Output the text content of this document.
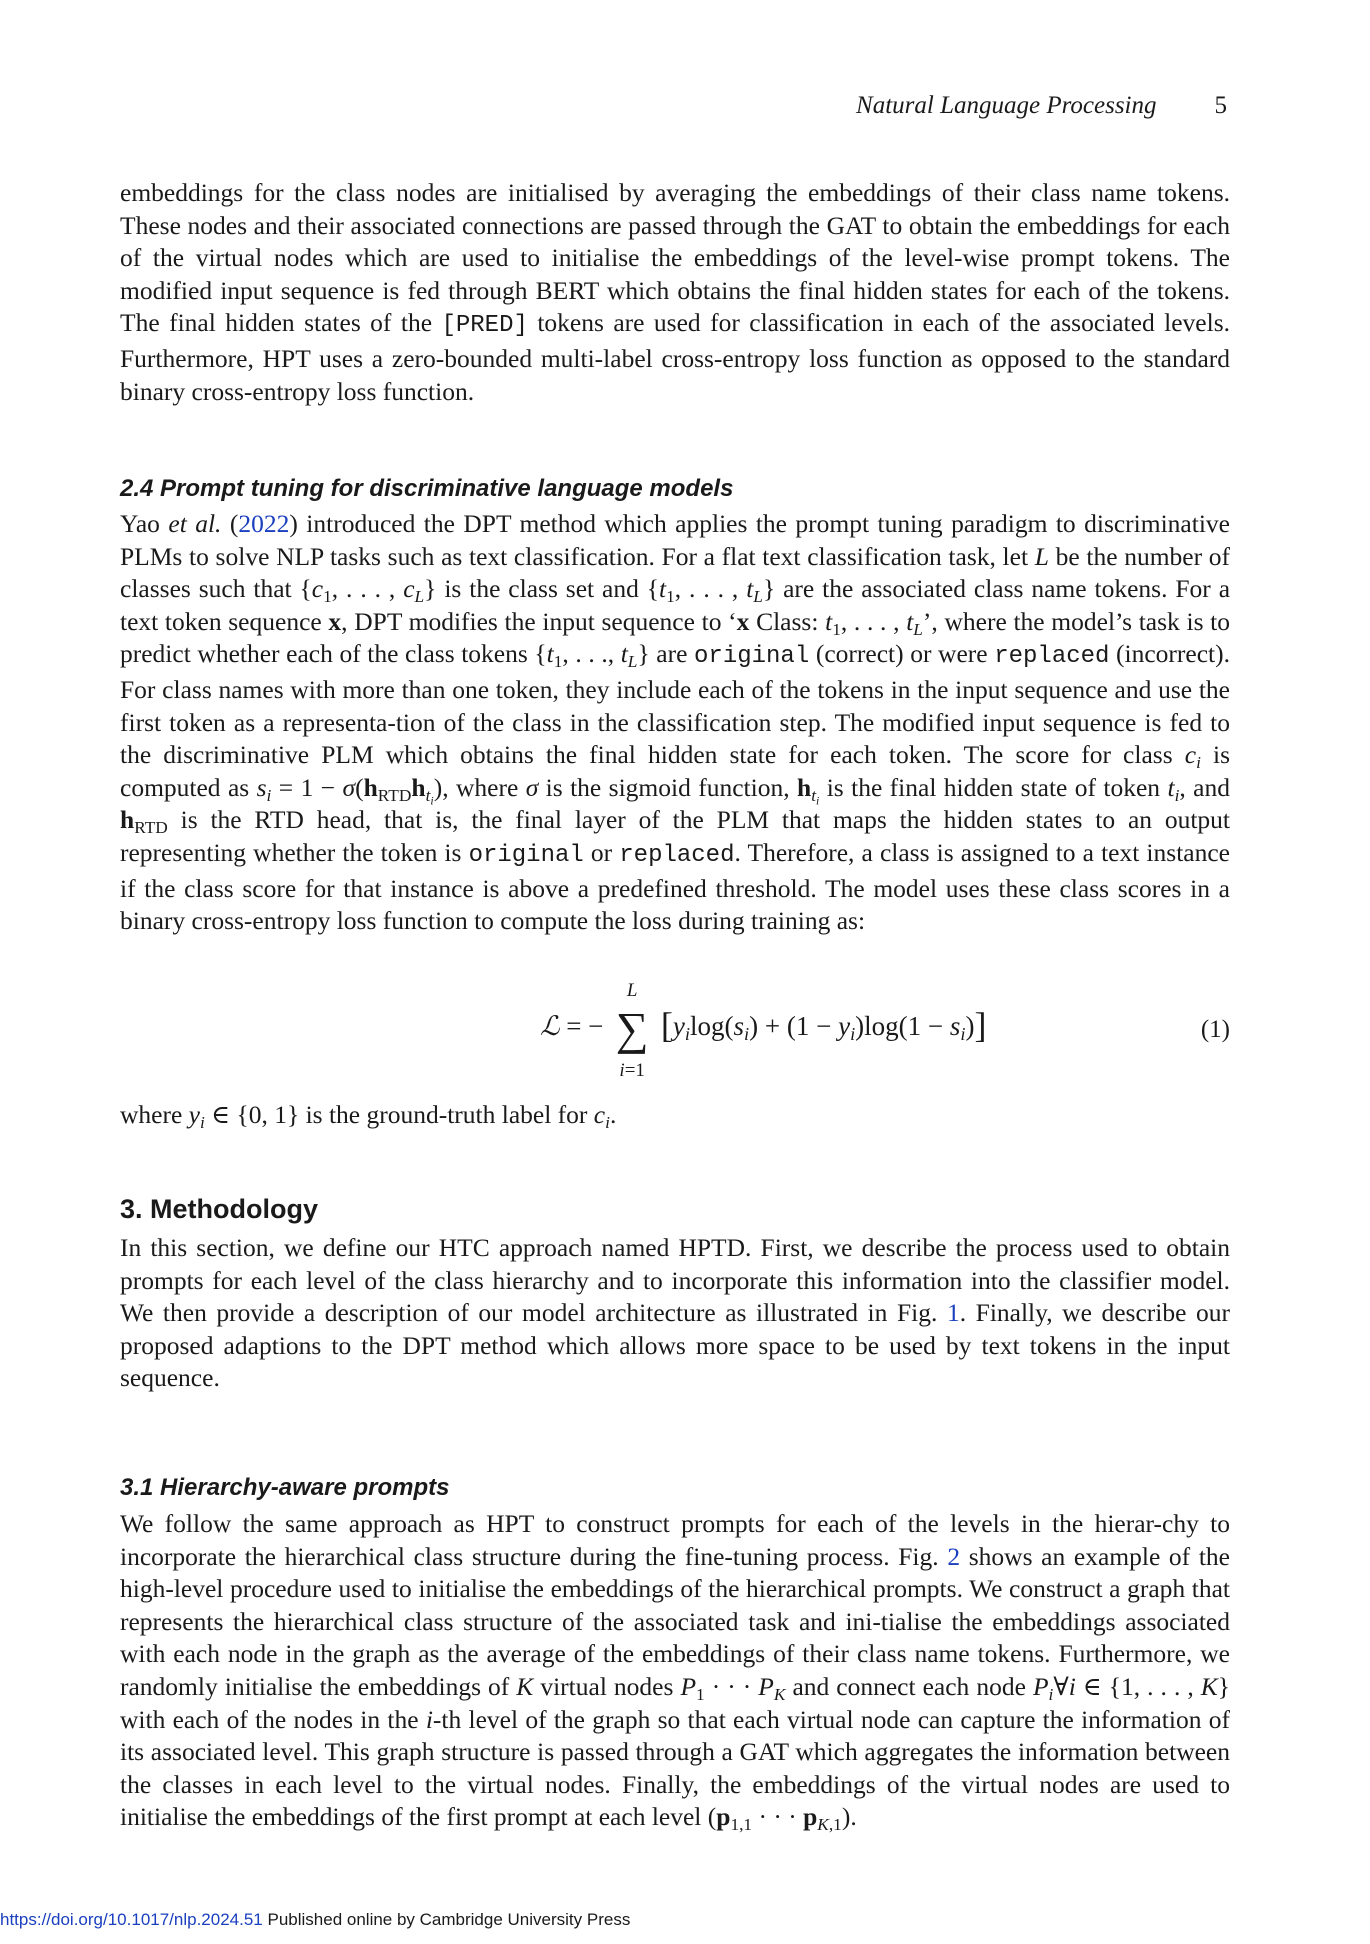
Natural Language Processing 5

embeddings for the class nodes are initialised by averaging the embeddings of their class name tokens. These nodes and their associated connections are passed through the GAT to obtain the embeddings for each of the virtual nodes which are used to initialise the embeddings of the level-wise prompt tokens. The modified input sequence is fed through BERT which obtains the final hidden states for each of the tokens. The final hidden states of the [PRED] tokens are used for classification in each of the associated levels. Furthermore, HPT uses a zero-bounded multi-label cross-entropy loss function as opposed to the standard binary cross-entropy loss function.

2.4 Prompt tuning for discriminative language models

Yao et al. (2022) introduced the DPT method which applies the prompt tuning paradigm to discriminative PLMs to solve NLP tasks such as text classification. For a flat text classification task, let L be the number of classes such that {$c_1$, . . . , $c_L$} is the class set and {$t_1$, . . . , $t_L$} are the associated class name tokens. For a text token sequence x, DPT modifies the input sequence to ‘x Class: $t_1$, . . . , $t_L$’, where the model’s task is to predict whether each of the class tokens {$t_1$, . . ., $t_L$} are original (correct) or were replaced (incorrect). For class names with more than one token, they include each of the tokens in the input sequence and use the first token as a representa-tion of the class in the classification step. The modified input sequence is fed to the discriminative PLM which obtains the final hidden state for each token. The score for class $c_i$ is computed as $s_i = 1 - \sigma(h_{RTD}h_{t_i})$, where σ is the sigmoid function, $h_{t_i}$ is the final hidden state of token $t_i$, and $h_{RTD}$ is the RTD head, that is, the final layer of the PLM that maps the hidden states to an output representing whether the token is original or replaced. Therefore, a class is assigned to a text instance if the class score for that instance is above a predefined threshold. The model uses these class scores in a binary cross-entropy loss function to compute the loss during training as:

ℒ = −
L
∑
i=1
$[y_i\log(s_i) + (1 - y_i)\log(1 - s_i)]$	(1)

where $y_i$ ∈ {0, 1} is the ground-truth label for $c_i$.

3. Methodology

In this section, we define our HTC approach named HPTD. First, we describe the process used to obtain prompts for each level of the class hierarchy and to incorporate this information into the classifier model. We then provide a description of our model architecture as illustrated in Fig. 1. Finally, we describe our proposed adaptions to the DPT method which allows more space to be used by text tokens in the input sequence.

3.1 Hierarchy-aware prompts

We follow the same approach as HPT to construct prompts for each of the levels in the hierar-chy to incorporate the hierarchical class structure during the fine-tuning process. Fig. 2 shows an example of the high-level procedure used to initialise the embeddings of the hierarchical prompts. We construct a graph that represents the hierarchical class structure of the associated task and ini-tialise the embeddings associated with each node in the graph as the average of the embeddings of their class name tokens. Furthermore, we randomly initialise the embeddings of K virtual nodes $P_1$ · · · $P_K$ and connect each node $P_i\forall i$ ∈ {1, . . . , K} with each of the nodes in the i-th level of the graph so that each virtual node can capture the information of its associated level. This graph structure is passed through a GAT which aggregates the information between the classes in each level to the virtual nodes. Finally, the embeddings of the virtual nodes are used to initialise the embeddings of the first prompt at each level ($p_{1,1}$ · · · $p_{K,1}$).

https://doi.org/10.1017/nlp.2024.51 Published online by Cambridge University Press
